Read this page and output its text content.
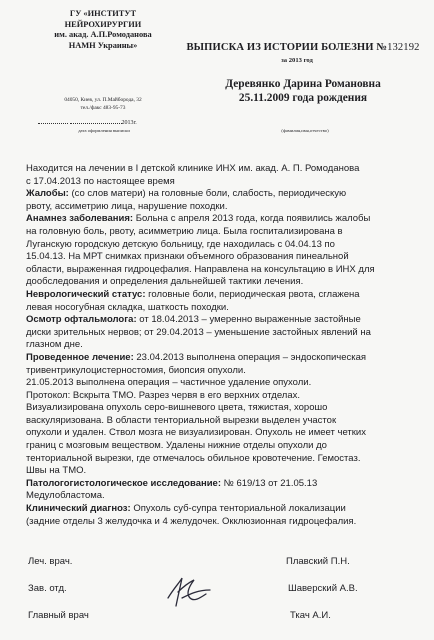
ГУ «ИНСТИТУТ
НЕЙРОХИРУРГИИ
им. акад. А.П.Ромоданова
НАМН Украины»
04050, Киев, ул. П.Майборода, 32
тел./факс 483-95-73
2013г.
дата оформления выписки
ВЫПИСКА ИЗ ИСТОРИИ БОЛЕЗНИ №132192
за 2013 год
Деревянко Дарина Романовна
25.11.2009 года рождения
(фамилия,имя,отчество)

Находится на лечении в I детской клинике ИНХ им. акад. А. П. Ромоданова

с 17.04.2013 по настоящее время

Жалобы: (со слов матери) на головные боли, слабость, периодическую

рвоту, ассиметрию лица, нарушение походки.

Анамнез заболевания: Больна с апреля 2013 года, когда появились жалобы

на головную боль, рвоту, асимметрию лица. Была госпитализирована в

Луганскую городскую детскую больницу, где находилась с 04.04.13 по

15.04.13. На МРТ снимках признаки объемного образования пинеальной

области, выраженная гидроцефалия. Направлена на консультацию в ИНХ для

дообследования и определения дальнейшей тактики лечения.

Неврологический статус: головные боли, периодическая рвота, сглажена

левая носогубная складка, шаткость походки.

Осмотр офтальмолога: от 18.04.2013 – умеренно выраженные застойные

диски зрительных нервов; от 29.04.2013 – уменьшение застойных явлений на

глазном дне.

Проведенное лечение: 23.04.2013 выполнена операция – эндоскопическая

тривентрикулоцистерностомия, биопсия опухоли.

21.05.2013 выполнена операция – частичное удаление опухоли.

Протокол: Вскрыта ТМО. Разрез червя в его верхних отделах.

Визуализирована опухоль серо-вишневого цвета, тяжистая, хорошо

васкуляризована. В области тенториальной вырезки выделен участок

опухоли и удален. Ствол мозга не визуализирован. Опухоль не имеет четких

границ с мозговым веществом. Удалены нижние отделы опухоли до

тенториальной вырезки, где отмечалось обильное кровотечение. Гемостаз.

Швы на ТМО.

Патологогистологическое исследование: № 619/13 от 21.05.13

Медулобластома.

Клинический диагноз: Опухоль суб-супра тенториальной локализации

(задние отделы 3 желудочка и 4 желудочек. Окклюзионная гидроцефалия.

Леч. врач.	Плавский П.Н.
Зав. отд.	Шаверский А.В.
Главный врач	Ткач А.И.
